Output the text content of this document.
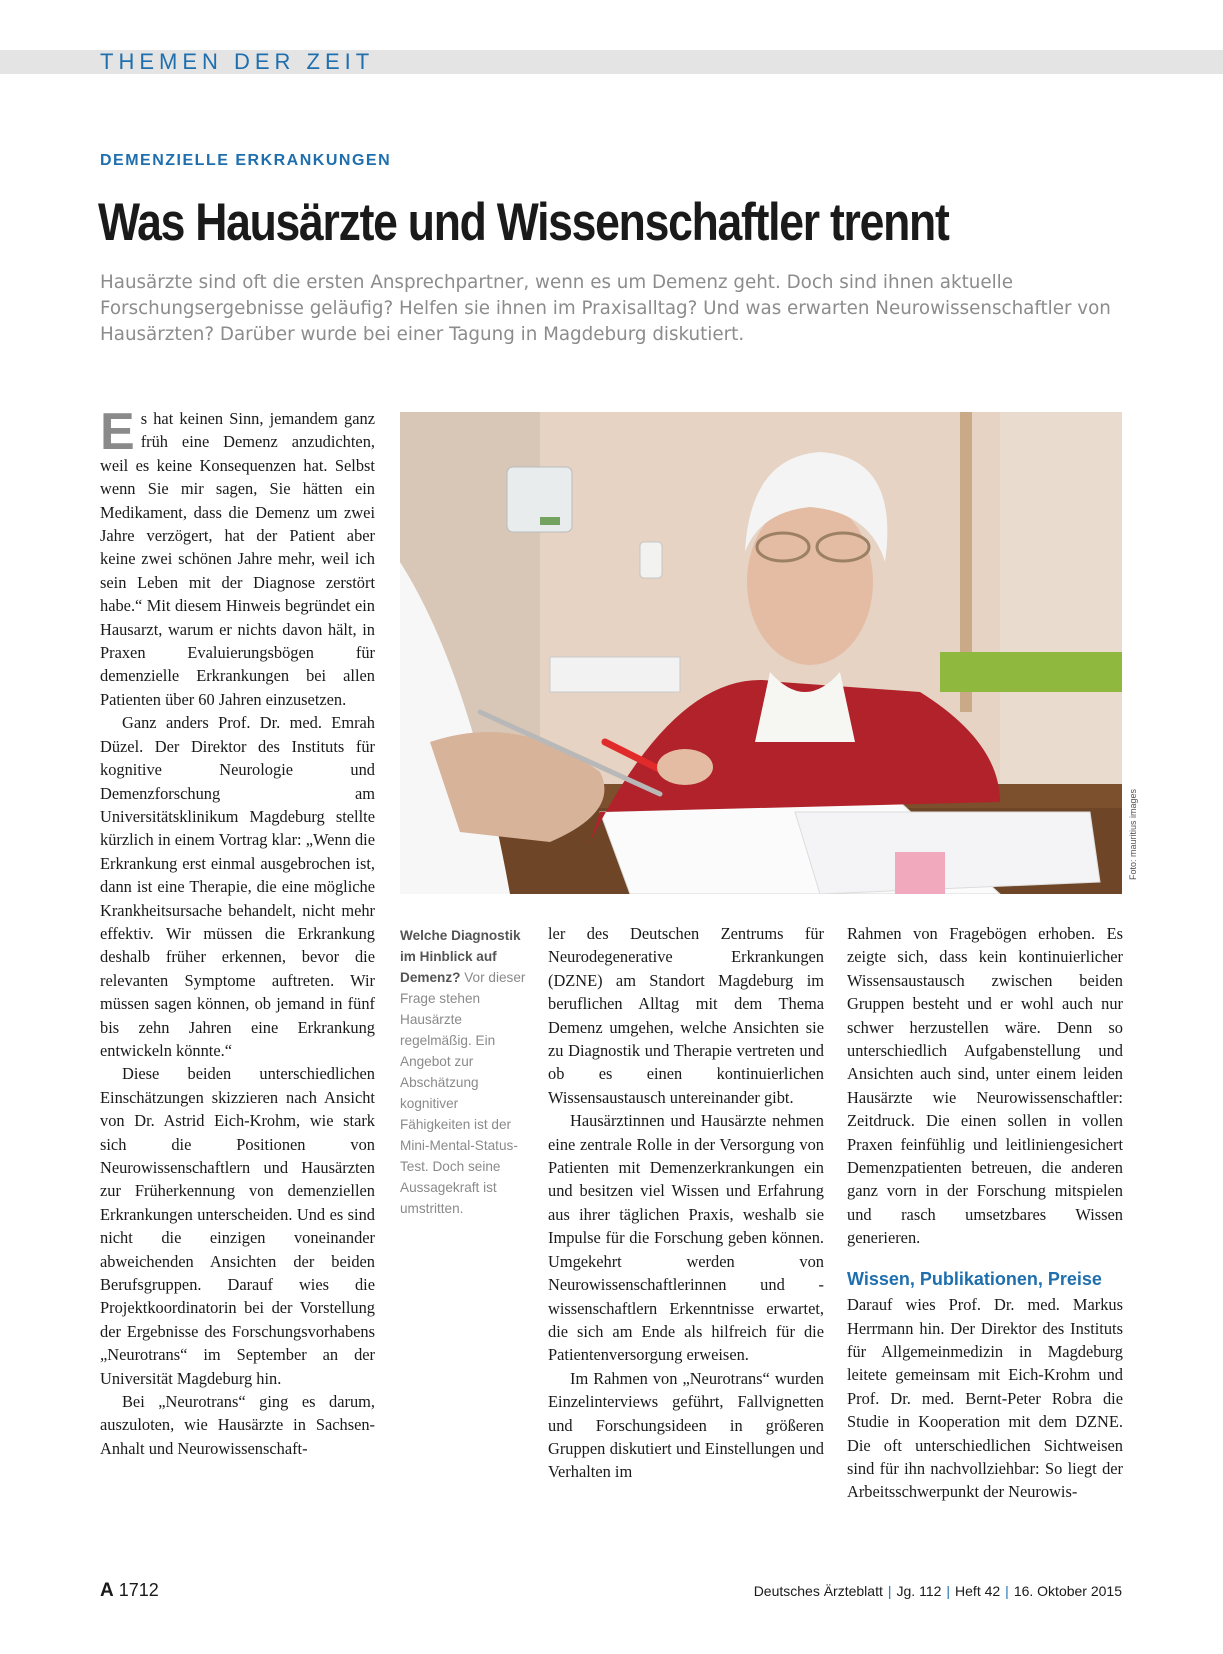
THEMEN DER ZEIT
DEMENZIELLE ERKRANKUNGEN
Was Hausärzte und Wissenschaftler trennt
Hausärzte sind oft die ersten Ansprechpartner, wenn es um Demenz geht. Doch sind ihnen aktuelle Forschungsergebnisse geläufig? Helfen sie ihnen im Praxisalltag? Und was erwarten Neurowissenschaftler von Hausärzten? Darüber wurde bei einer Tagung in Magdeburg diskutiert.

Es hat keinen Sinn, jemandem ganz früh eine Demenz anzudichten, weil es keine Konsequenzen hat. Selbst wenn Sie mir sagen, Sie hätten ein Medikament, dass die Demenz um zwei Jahre verzögert, hat der Patient aber keine zwei schönen Jahre mehr, weil ich sein Leben mit der Diagnose zerstört habe.“ Mit diesem Hinweis begründet ein Hausarzt, warum er nichts davon hält, in Praxen Evaluierungsbögen für demenzielle Erkrankungen bei allen Patienten über 60 Jahren einzusetzen.

Ganz anders Prof. Dr. med. Emrah Düzel. Der Direktor des Instituts für kognitive Neurologie und Demenzforschung am Universitätsklinikum Magdeburg stellte kürzlich in einem Vortrag klar: „Wenn die Erkrankung erst einmal ausgebrochen ist, dann ist eine Therapie, die eine mögliche Krankheitsursache behandelt, nicht mehr effektiv. Wir müssen die Erkrankung deshalb früher erkennen, bevor die relevanten Symptome auftreten. Wir müssen sagen können, ob jemand in fünf bis zehn Jahren eine Erkrankung entwickeln könnte.“

Diese beiden unterschiedlichen Einschätzungen skizzieren nach Ansicht von Dr. Astrid Eich-Krohm, wie stark sich die Positionen von Neurowissenschaftlern und Hausärzten zur Früherkennung von demenziellen Erkrankungen unterscheiden. Und es sind nicht die einzigen voneinander abweichenden Ansichten der beiden Berufsgruppen. Darauf wies die Projektkoordinatorin bei der Vorstellung der Ergebnisse des Forschungsvorhabens „Neurotrans“ im September an der Universität Magdeburg hin.

Bei „Neurotrans“ ging es darum, auszuloten, wie Hausärzte in Sachsen-Anhalt und Neurowissenschaft-

Foto: mauritius images
Welche Diagnostik im Hinblick auf Demenz? Vor dieser Frage stehen Hausärzte regelmäßig. Ein Angebot zur Abschätzung kognitiver Fähigkeiten ist der Mini-Mental-Status-Test. Doch seine Aussagekraft ist umstritten.

ler des Deutschen Zentrums für Neurodegenerative Erkrankungen (DZNE) am Standort Magdeburg im beruflichen Alltag mit dem Thema Demenz umgehen, welche Ansichten sie zu Diagnostik und Therapie vertreten und ob es einen kontinuierlichen Wissensaustausch untereinander gibt.

Hausärztinnen und Hausärzte nehmen eine zentrale Rolle in der Versorgung von Patienten mit Demenzerkrankungen ein und besitzen viel Wissen und Erfahrung aus ihrer täglichen Praxis, weshalb sie Impulse für die Forschung geben können. Umgekehrt werden von Neurowissenschaftlerinnen und -wissenschaftlern Erkenntnisse erwartet, die sich am Ende als hilfreich für die Patientenversorgung erweisen.

Im Rahmen von „Neurotrans“ wurden Einzelinterviews geführt, Fallvignetten und Forschungsideen in größeren Gruppen diskutiert und Einstellungen und Verhalten im

Rahmen von Fragebögen erhoben. Es zeigte sich, dass kein kontinuierlicher Wissensaustausch zwischen beiden Gruppen besteht und er wohl auch nur schwer herzustellen wäre. Denn so unterschiedlich Aufgabenstellung und Ansichten auch sind, unter einem leiden Hausärzte wie Neurowissenschaftler: Zeitdruck. Die einen sollen in vollen Praxen feinfühlig und leitliniengesichert Demenzpatienten betreuen, die anderen ganz vorn in der Forschung mitspielen und rasch umsetzbares Wissen generieren.

Wissen, Publikationen, Preise

Darauf wies Prof. Dr. med. Markus Herrmann hin. Der Direktor des Instituts für Allgemeinmedizin in Magdeburg leitete gemeinsam mit Eich-Krohm und Prof. Dr. med. Bernt-Peter Robra die Studie in Kooperation mit dem DZNE. Die oft unterschiedlichen Sichtweisen sind für ihn nachvollziehbar: So liegt der Arbeitsschwerpunkt der Neurowis-

A 1712	Deutsches Ärzteblatt | Jg. 112 | Heft 42 | 16. Oktober 2015
